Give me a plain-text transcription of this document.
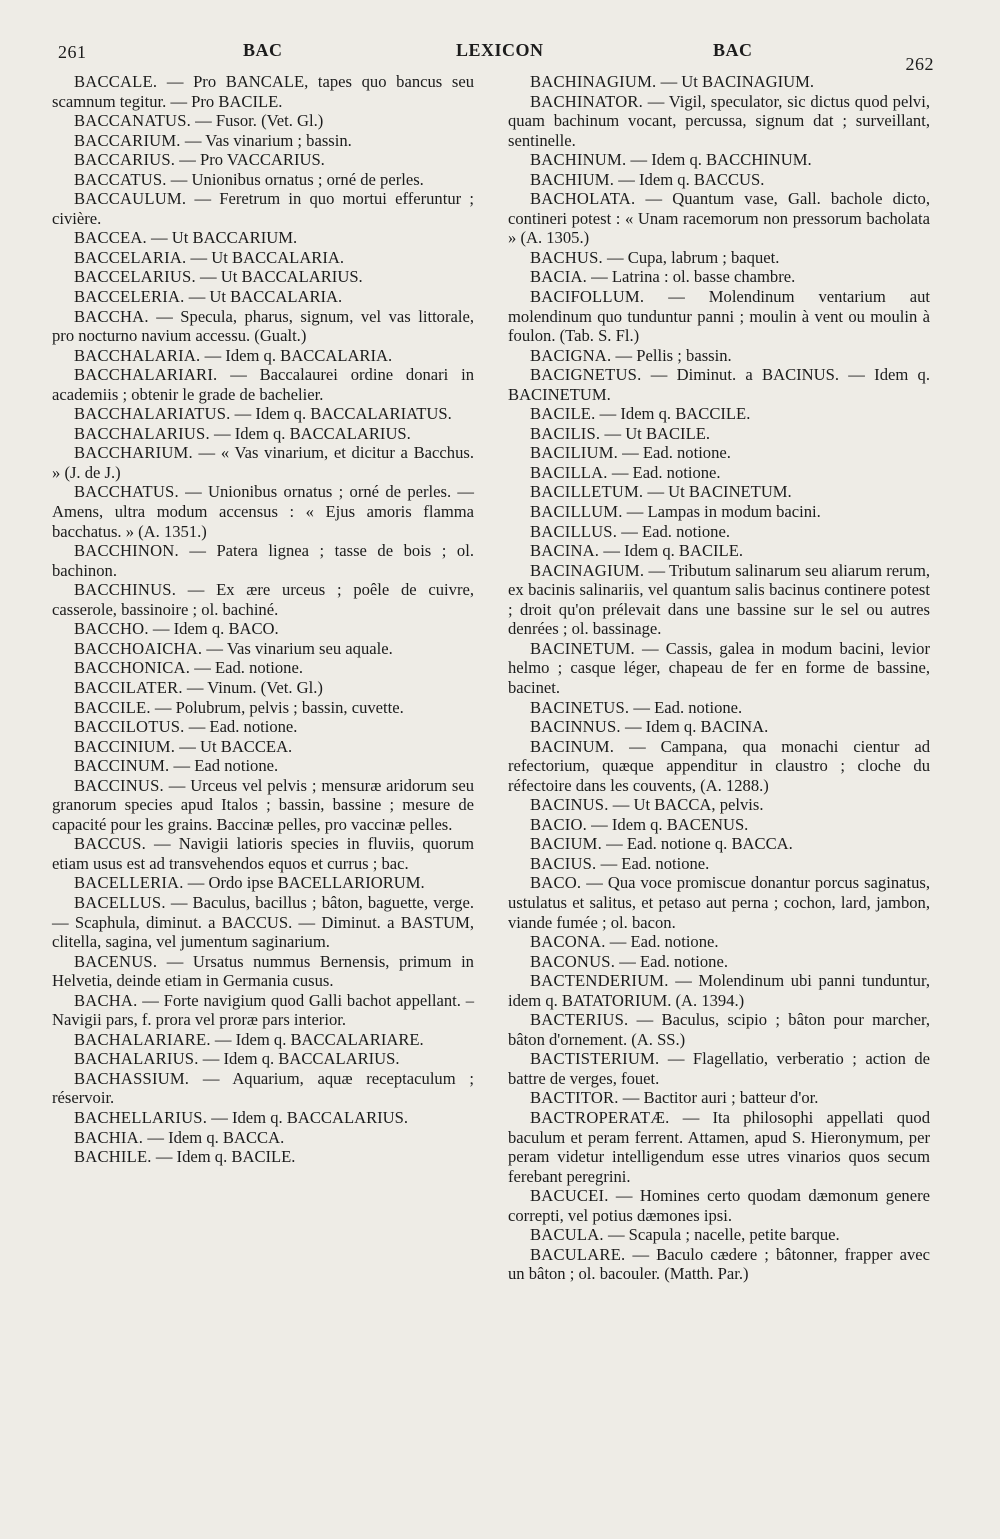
261	BAC	LEXICON	BAC
262

BACCALE. — Pro BANCALE, tapes quo bancus seu scamnum tegitur. — Pro BACILE.

BACCANATUS. — Fusor. (Vet. Gl.)

BACCARIUM. — Vas vinarium ; bassin.

BACCARIUS. — Pro VACCARIUS.

BACCATUS. — Unionibus ornatus ; orné de perles.

BACCAULUM. — Feretrum in quo mortui efferuntur ; civière.

BACCEA. — Ut BACCARIUM.

BACCELARIA. — Ut BACCALARIA.

BACCELARIUS. — Ut BACCALARIUS.

BACCELERIA. — Ut BACCALARIA.

BACCHA. — Specula, pharus, signum, vel vas littorale, pro nocturno navium accessu. (Gualt.)

BACCHALARIA. — Idem q. BACCALARIA.

BACCHALARIARI. — Baccalaurei ordine donari in academiis ; obtenir le grade de bachelier.

BACCHALARIATUS. — Idem q. BACCALARIATUS.

BACCHALARIUS. — Idem q. BACCALARIUS.

BACCHARIUM. — « Vas vinarium, et dicitur a Bacchus. » (J. de J.)

BACCHATUS. — Unionibus ornatus ; orné de perles. — Amens, ultra modum accensus : « Ejus amoris flamma bacchatus. » (A. 1351.)

BACCHINON. — Patera lignea ; tasse de bois ; ol. bachinon.

BACCHINUS. — Ex ære urceus ; poêle de cuivre, casserole, bassinoire ; ol. bachiné.

BACCHO. — Idem q. BACO.

BACCHOAICHA. — Vas vinarium seu aquale.

BACCHONICA. — Ead. notione.

BACCILATER. — Vinum. (Vet. Gl.)

BACCILE. — Polubrum, pelvis ; bassin, cuvette.

BACCILOTUS. — Ead. notione.

BACCINIUM. — Ut BACCEA.

BACCINUM. — Ead notione.

BACCINUS. — Urceus vel pelvis ; mensuræ aridorum seu granorum species apud Italos ; bassin, bassine ; mesure de capacité pour les grains. Baccinæ pelles, pro vaccinæ pelles.

BACCUS. — Navigii latioris species in fluviis, quorum etiam usus est ad transvehendos equos et currus ; bac.

BACELLERIA. — Ordo ipse BACELLARIORUM.

BACELLUS. — Baculus, bacillus ; bâton, baguette, verge. — Scaphula, diminut. a BACCUS. — Diminut. a BASTUM, clitella, sagina, vel jumentum saginarium.

BACENUS. — Ursatus nummus Bernensis, primum in Helvetia, deinde etiam in Germania cusus.

BACHA. — Forte navigium quod Galli bachot appellant. – Navigii pars, f. prora vel proræ pars interior.

BACHALARIARE. — Idem q. BACCALARIARE.

BACHALARIUS. — Idem q. BACCALARIUS.

BACHASSIUM. — Aquarium, aquæ receptaculum ; réservoir.

BACHELLARIUS. — Idem q. BACCALARIUS.

BACHIA. — Idem q. BACCA.

BACHILE. — Idem q. BACILE.

BACHINAGIUM. — Ut BACINAGIUM.

BACHINATOR. — Vigil, speculator, sic dictus quod pelvi, quam bachinum vocant, percussa, signum dat ; surveillant, sentinelle.

BACHINUM. — Idem q. BACCHINUM.

BACHIUM. — Idem q. BACCUS.

BACHOLATA. — Quantum vase, Gall. bachole dicto, contineri potest : « Unam racemorum non pressorum bacholata » (A. 1305.)

BACHUS. — Cupa, labrum ; baquet.

BACIA. — Latrina : ol. basse chambre.

BACIFOLLUM. — Molendinum ventarium aut molendinum quo tunduntur panni ; moulin à vent ou moulin à foulon. (Tab. S. Fl.)

BACIGNA. — Pellis ; bassin.

BACIGNETUS. — Diminut. a BACINUS. — Idem q. BACINETUM.

BACILE. — Idem q. BACCILE.

BACILIS. — Ut BACILE.

BACILIUM. — Ead. notione.

BACILLA. — Ead. notione.

BACILLETUM. — Ut BACINETUM.

BACILLUM. — Lampas in modum bacini.

BACILLUS. — Ead. notione.

BACINA. — Idem q. BACILE.

BACINAGIUM. — Tributum salinarum seu aliarum rerum, ex bacinis salinariis, vel quantum salis bacinus continere potest ; droit qu'on prélevait dans une bassine sur le sel ou autres denrées ; ol. bassinage.

BACINETUM. — Cassis, galea in modum bacini, levior helmo ; casque léger, chapeau de fer en forme de bassine, bacinet.

BACINETUS. — Ead. notione.

BACINNUS. — Idem q. BACINA.

BACINUM. — Campana, qua monachi cientur ad refectorium, quæque appenditur in claustro ; cloche du réfectoire dans les couvents, (A. 1288.)

BACINUS. — Ut BACCA, pelvis.

BACIO. — Idem q. BACENUS.

BACIUM. — Ead. notione q. BACCA.

BACIUS. — Ead. notione.

BACO. — Qua voce promiscue donantur porcus saginatus, ustulatus et salitus, et petaso aut perna ; cochon, lard, jambon, viande fumée ; ol. bacon.

BACONA. — Ead. notione.

BACONUS. — Ead. notione.

BACTENDERIUM. — Molendinum ubi panni tunduntur, idem q. BATATORIUM. (A. 1394.)

BACTERIUS. — Baculus, scipio ; bâton pour marcher, bâton d'ornement. (A. SS.)

BACTISTERIUM. — Flagellatio, verberatio ; action de battre de verges, fouet.

BACTITOR. — Bactitor auri ; batteur d'or.

BACTROPERATÆ. — Ita philosophi appellati quod baculum et peram ferrent. Attamen, apud S. Hieronymum, per peram videtur intelligendum esse utres vinarios quos secum ferebant peregrini.

BACUCEI. — Homines certo quodam dæmonum genere correpti, vel potius dæmones ipsi.

BACULA. — Scapula ; nacelle, petite barque.

BACULARE. — Baculo cædere ; bâtonner, frapper avec un bâton ; ol. bacouler. (Matth. Par.)
